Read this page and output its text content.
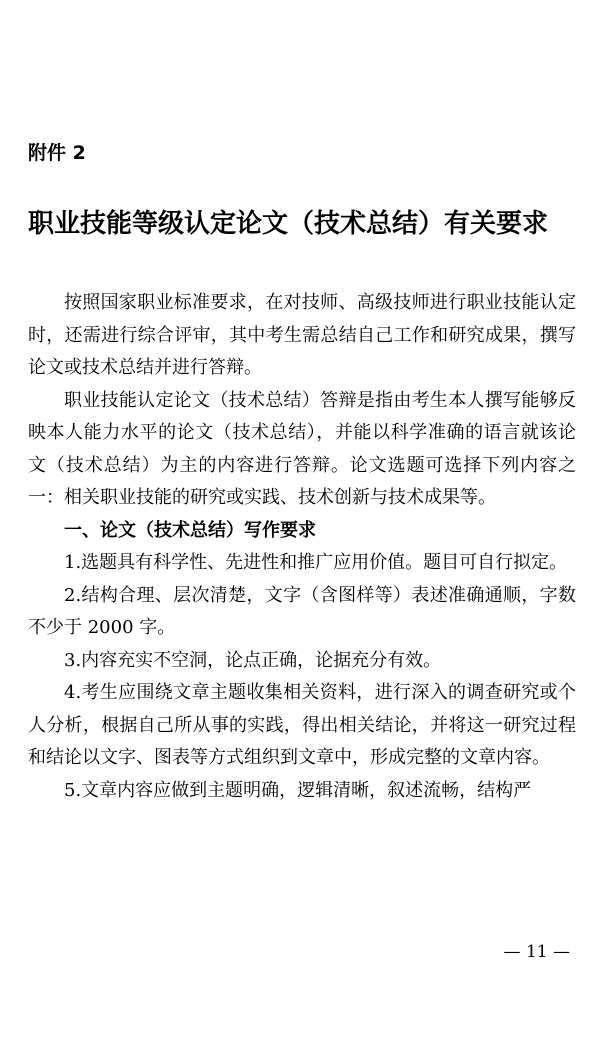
附件 2

职业技能等级认定论文（技术总结）有关要求

按照国家职业标准要求，在对技师、高级技师进行职业技能认定时，还需进行综合评审，其中考生需总结自己工作和研究成果，撰写论文或技术总结并进行答辩。

职业技能认定论文（技术总结）答辩是指由考生本人撰写能够反映本人能力水平的论文（技术总结），并能以科学准确的语言就该论文（技术总结）为主的内容进行答辩。论文选题可选择下列内容之一：相关职业技能的研究或实践、技术创新与技术成果等。

一、论文（技术总结）写作要求

1.选题具有科学性、先进性和推广应用价值。题目可自行拟定。

2.结构合理、层次清楚，文字（含图样等）表述准确通顺，字数不少于 2000 字。

3.内容充实不空洞，论点正确，论据充分有效。

4.考生应围绕文章主题收集相关资料，进行深入的调查研究或个人分析，根据自己所从事的实践，得出相关结论，并将这一研究过程和结论以文字、图表等方式组织到文章中，形成完整的文章内容。

5.文章内容应做到主题明确，逻辑清晰，叙述流畅，结构严

— 11 —
